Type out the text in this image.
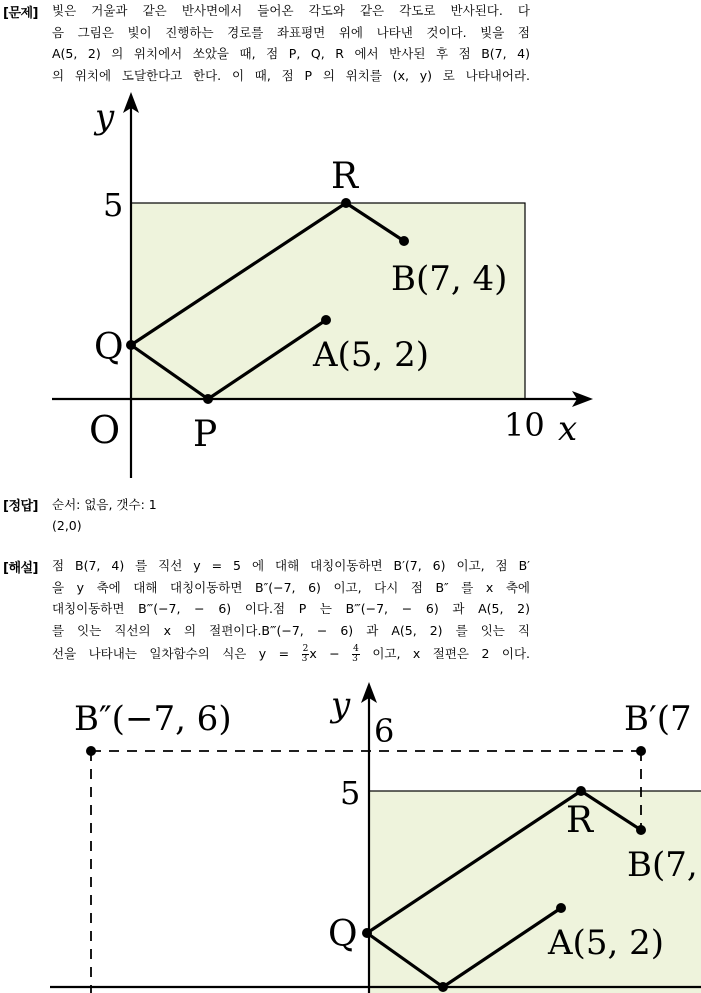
[문제] 빛은 거울과 같은 반사면에서 들어온 각도와 같은 각도로 반사된다. 다
음 그림은 빛이 진행하는 경로를 좌표평면 위에 나타낸 것이다. 빛을 점
A(5, 2) 의 위치에서 쏘았을 때, 점 P, Q, R 에서 반사된 후 점 B(7, 4)
의 위치에 도달한다고 한다. 이 때, 점 P 의 위치를 (x, y) 로 나타내어라.
y
x
5
10
O
R
Q
P
A(5, 2)
B(7, 4)
[정답] 순서: 없음, 갯수: 1
(2,0)
[해설] 점 B(7, 4) 를 직선 y = 5 에 대해 대칭이동하면 B′(7, 6) 이고, 점 B′
을 y 축에 대해 대칭이동하면 B″(−7, 6) 이고, 다시 점 B″ 를 x 축에
대칭이동하면 B‴(−7, − 6) 이다.점 P 는 B‴(−7, − 6) 과 A(5, 2)
를 잇는 직선의 x 의 절편이다.B‴(−7, − 6) 과 A(5, 2) 를 잇는 직
선을 나타내는 일차함수의 식은 $y = \frac{2}{3}$ $x - \frac{4}{3}$ 이고, x 절편은 2 이다.
y
6
5
B″(−7, 6)	B′(7
R
B(7,
Q	A(5, 2)
